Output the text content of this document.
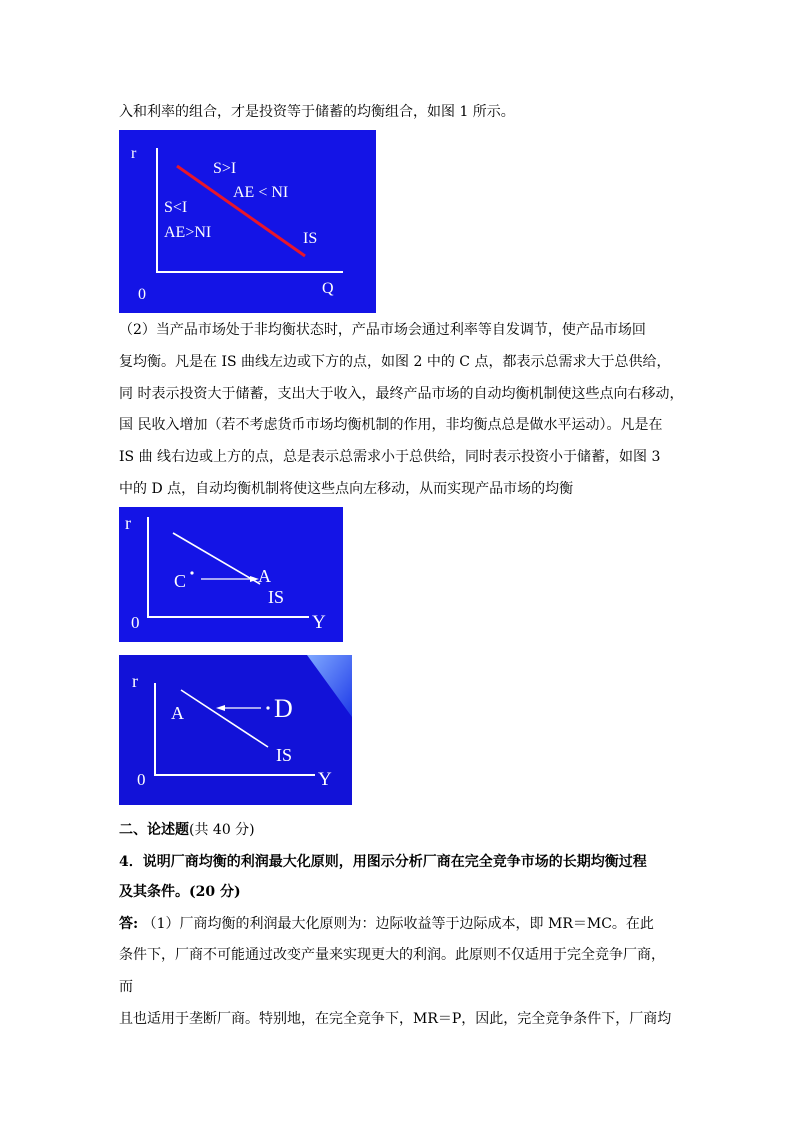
入和利率的组合，才是投资等于储蓄的均衡组合，如图 1 所示。
r
0	Q
S>I
AE < NI
S<I
AE>NI	IS
（2）当产品市场处于非均衡状态时，产品市场会通过利率等自发调节，使产品市场回
复均衡。凡是在 IS 曲线左边或下方的点，如图 2 中的 C 点，都表示总需求大于总供给，
同 时表示投资大于储蓄，支出大于收入，最终产品市场的自动均衡机制使这些点向右移动，
国 民收入增加（若不考虑货币市场均衡机制的作用，非均衡点总是做水平运动）。凡是在
IS 曲 线右边或上方的点，总是表示总需求小于总供给，同时表示投资小于储蓄，如图 3
中的 D 点，自动均衡机制将使这些点向左移动，从而实现产品市场的均衡
r
0	Y
C	A
IS
r
0	Y
D
A
IS
二、论述题(共 40 分)
4．说明厂商均衡的利润最大化原则，用图示分析厂商在完全竞争市场的长期均衡过程
及其条件。(20 分)
答: （1）厂商均衡的利润最大化原则为：边际收益等于边际成本，即 MR＝MC。在此
条件下，厂商不可能通过改变产量来实现更大的利润。此原则不仅适用于完全竞争厂商，
而
且也适用于垄断厂商。特别地，在完全竞争下，MR＝P，因此，完全竞争条件下，厂商均
